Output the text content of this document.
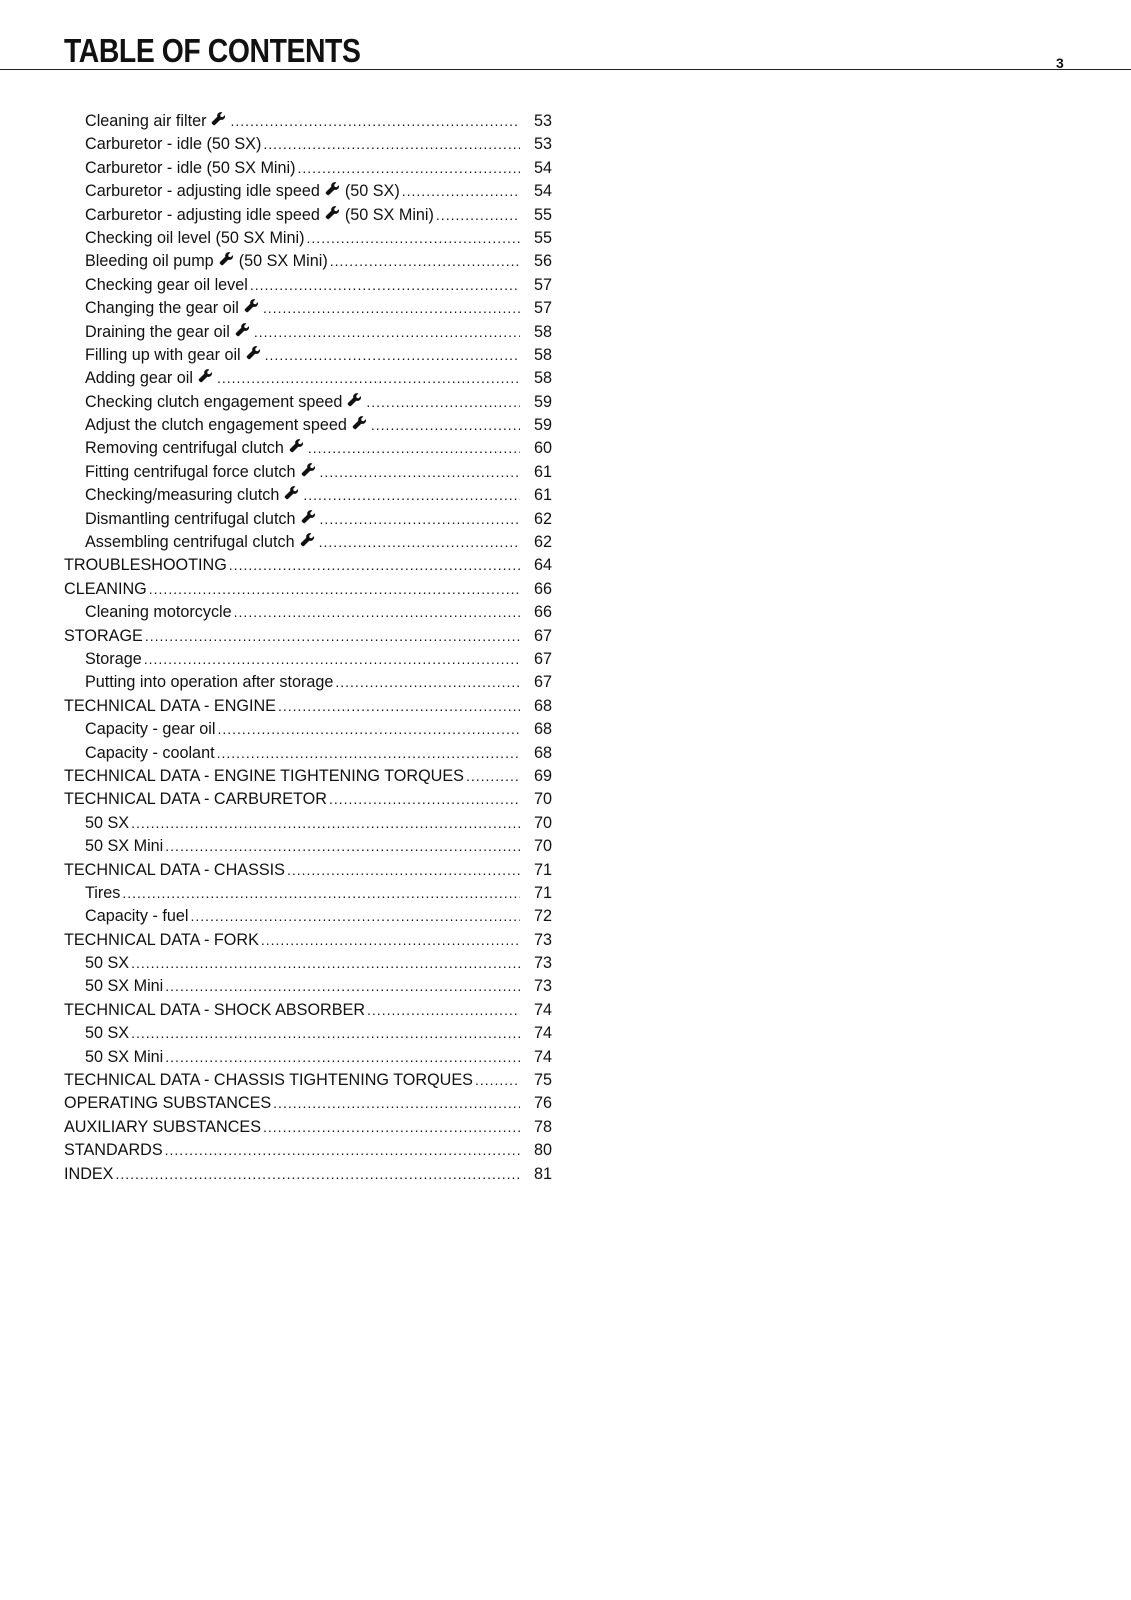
TABLE OF CONTENTS	3
Cleaning air filter .....	53
Carburetor - idle (50 SX) .....	53
Carburetor - idle (50 SX Mini) .....	54
Carburetor - adjusting idle speed (50 SX) .....	54
Carburetor - adjusting idle speed (50 SX Mini) .....	55
Checking oil level (50 SX Mini) .....	55
Bleeding oil pump (50 SX Mini) .....	56
Checking gear oil level .....	57
Changing the gear oil .....	57
Draining the gear oil .....	58
Filling up with gear oil .....	58
Adding gear oil .....	58
Checking clutch engagement speed .....	59
Adjust the clutch engagement speed .....	59
Removing centrifugal clutch .....	60
Fitting centrifugal force clutch .....	61
Checking/measuring clutch .....	61
Dismantling centrifugal clutch .....	62
Assembling centrifugal clutch .....	62
TROUBLESHOOTING .....	64
CLEANING .....	66
Cleaning motorcycle .....	66
STORAGE .....	67
Storage .....	67
Putting into operation after storage .....	67
TECHNICAL DATA - ENGINE .....	68
Capacity - gear oil .....	68
Capacity - coolant .....	68
TECHNICAL DATA - ENGINE TIGHTENING TORQUES .....	69
TECHNICAL DATA - CARBURETOR .....	70
50 SX .....	70
50 SX Mini .....	70
TECHNICAL DATA - CHASSIS .....	71
Tires .....	71
Capacity - fuel .....	72
TECHNICAL DATA - FORK .....	73
50 SX .....	73
50 SX Mini .....	73
TECHNICAL DATA - SHOCK ABSORBER .....	74
50 SX .....	74
50 SX Mini .....	74
TECHNICAL DATA - CHASSIS TIGHTENING TORQUES .....	75
OPERATING SUBSTANCES .....	76
AUXILIARY SUBSTANCES .....	78
STANDARDS .....	80
INDEX .....	81
